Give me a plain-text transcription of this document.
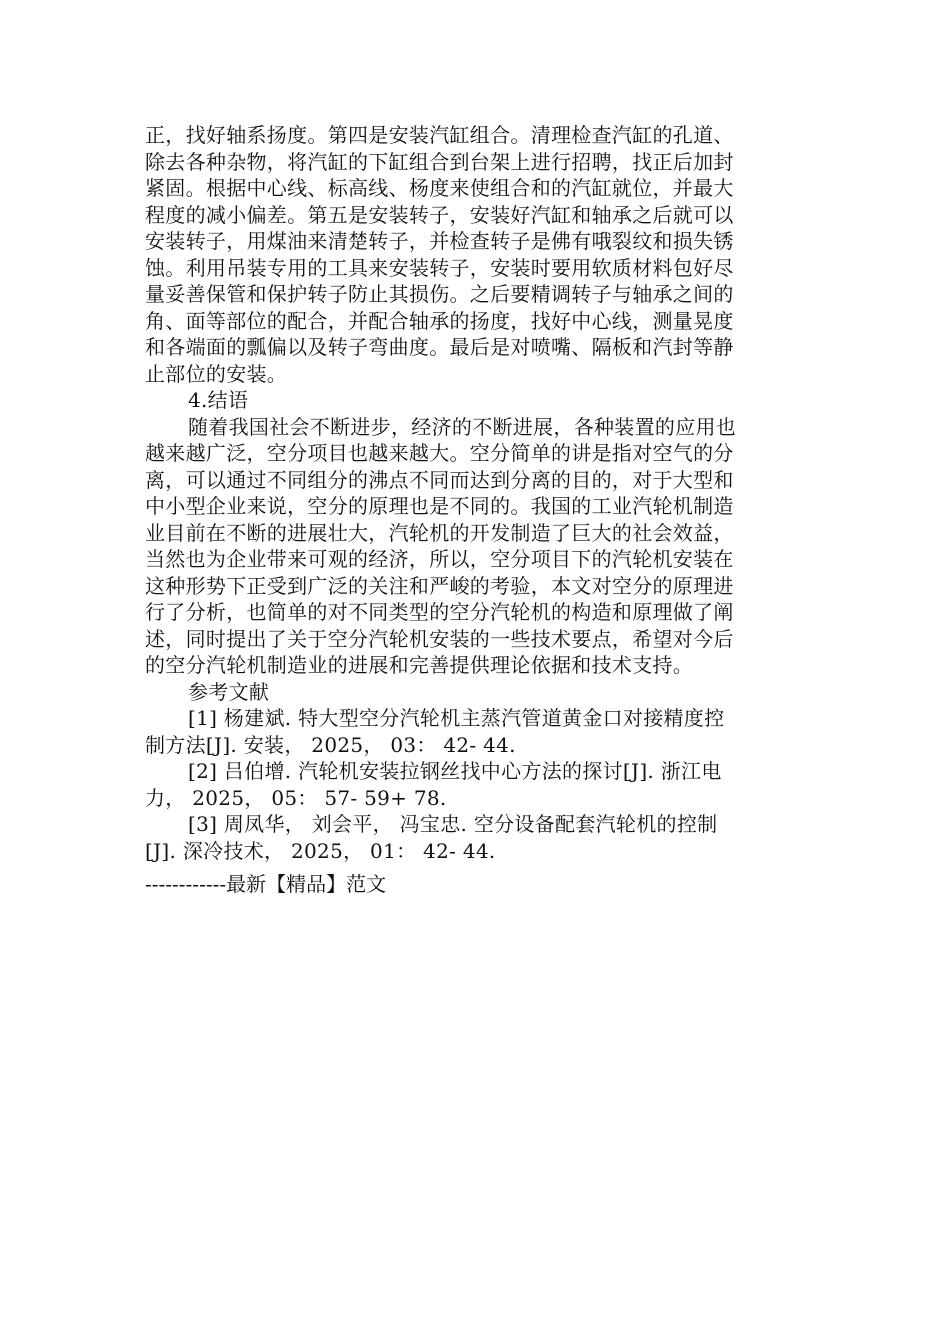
正，找好轴系扬度。第四是安装汽缸组合。清理检查汽缸的孔道、
除去各种杂物，将汽缸的下缸组合到台架上进行招聘，找正后加封
紧固。根据中心线、标高线、杨度来使组合和的汽缸就位，并最大
程度的减小偏差。第五是安装转子，安装好汽缸和轴承之后就可以
安装转子，用煤油来清楚转子，并检查转子是佛有哦裂纹和损失锈
蚀。利用吊装专用的工具来安装转子，安装时要用软质材料包好尽
量妥善保管和保护转子防止其损伤。之后要精调转子与轴承之间的
角、面等部位的配合，并配合轴承的扬度，找好中心线，测量晃度
和各端面的瓢偏以及转子弯曲度。最后是对喷嘴、隔板和汽封等静
止部位的安装。
4.结语
随着我国社会不断进步，经济的不断进展，各种装置的应用也
越来越广泛，空分项目也越来越大。空分简单的讲是指对空气的分
离，可以通过不同组分的沸点不同而达到分离的目的，对于大型和
中小型企业来说，空分的原理也是不同的。我国的工业汽轮机制造
业目前在不断的进展壮大，汽轮机的开发制造了巨大的社会效益，
当然也为企业带来可观的经济，所以，空分项目下的汽轮机安装在
这种形势下正受到广泛的关注和严峻的考验，本文对空分的原理进
行了分析，也简单的对不同类型的空分汽轮机的构造和原理做了阐
述，同时提出了关于空分汽轮机安装的一些技术要点，希望对今后
的空分汽轮机制造业的进展和完善提供理论依据和技术支持。
参考文献
[1] 杨建斌. 特大型空分汽轮机主蒸汽管道黄金口对接精度控
制方法[J]. 安装， 2025， 03： 42- 44.
[2] 吕伯增. 汽轮机安装拉钢丝找中心方法的探讨[J]. 浙江电
力， 2025， 05： 57- 59+ 78.
[3] 周凤华， 刘会平， 冯宝忠. 空分设备配套汽轮机的控制
[J]. 深冷技术， 2025， 01： 42- 44.
------------最新【精品】范文
